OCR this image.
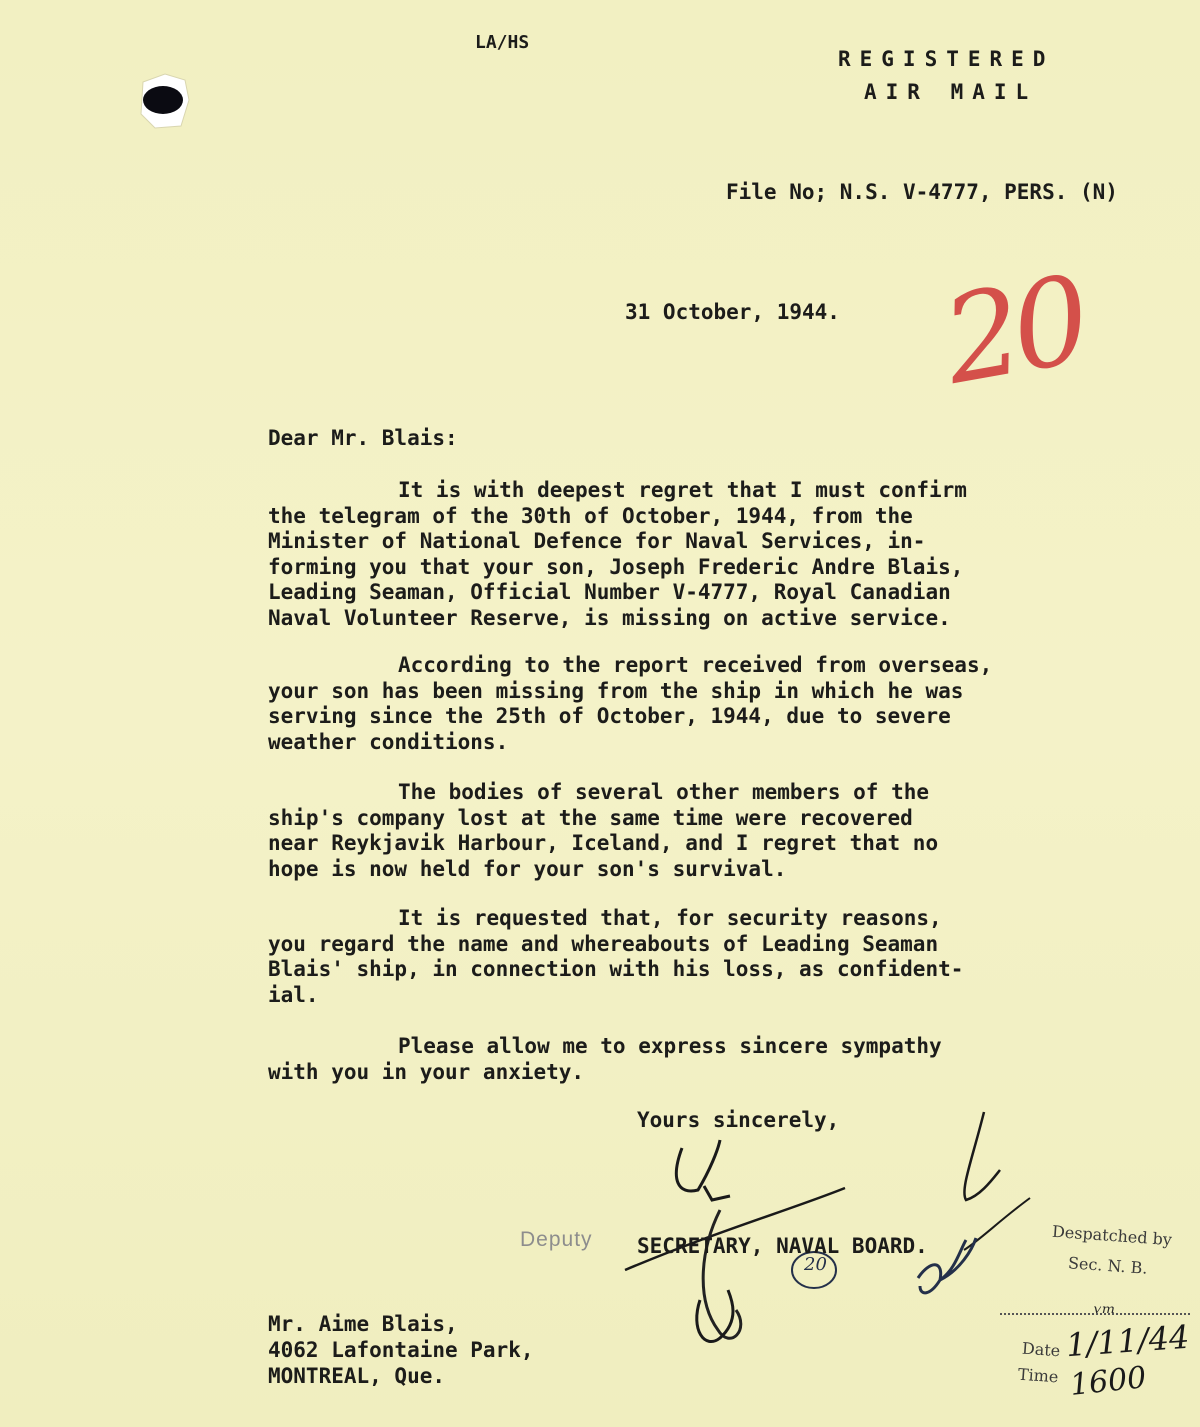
LA/HS
REGISTERED
AIR MAIL
File No; N.S. V-4777, PERS. (N)
31 October, 1944. 20
Dear Mr. Blais:
It is with deepest regret that I must confirm
the telegram of the 30th of October, 1944, from the
Minister of National Defence for Naval Services, in-
forming you that your son, Joseph Frederic Andre Blais,
Leading Seaman, Official Number V-4777, Royal Canadian
Naval Volunteer Reserve, is missing on active service.
According to the report received from overseas,
your son has been missing from the ship in which he was
serving since the 25th of October, 1944, due to severe
weather conditions.
The bodies of several other members of the
ship's company lost at the same time were recovered
near Reykjavik Harbour, Iceland, and I regret that no
hope is now held for your son's survival.
It is requested that, for security reasons,
you regard the name and whereabouts of Leading Seaman
Blais' ship, in connection with his loss, as confident-
ial.
Please allow me to express sincere sympathy
with you in your anxiety.
Yours sincerely,
20
Deputy SECRETARY, NAVAL BOARD.
Mr. Aime Blais,
4062 Lafontaine Park,
MONTREAL, Que.
Despatched by
Sec. N. B.
ᵥₘ
Date 1/11/44
Time 1600
